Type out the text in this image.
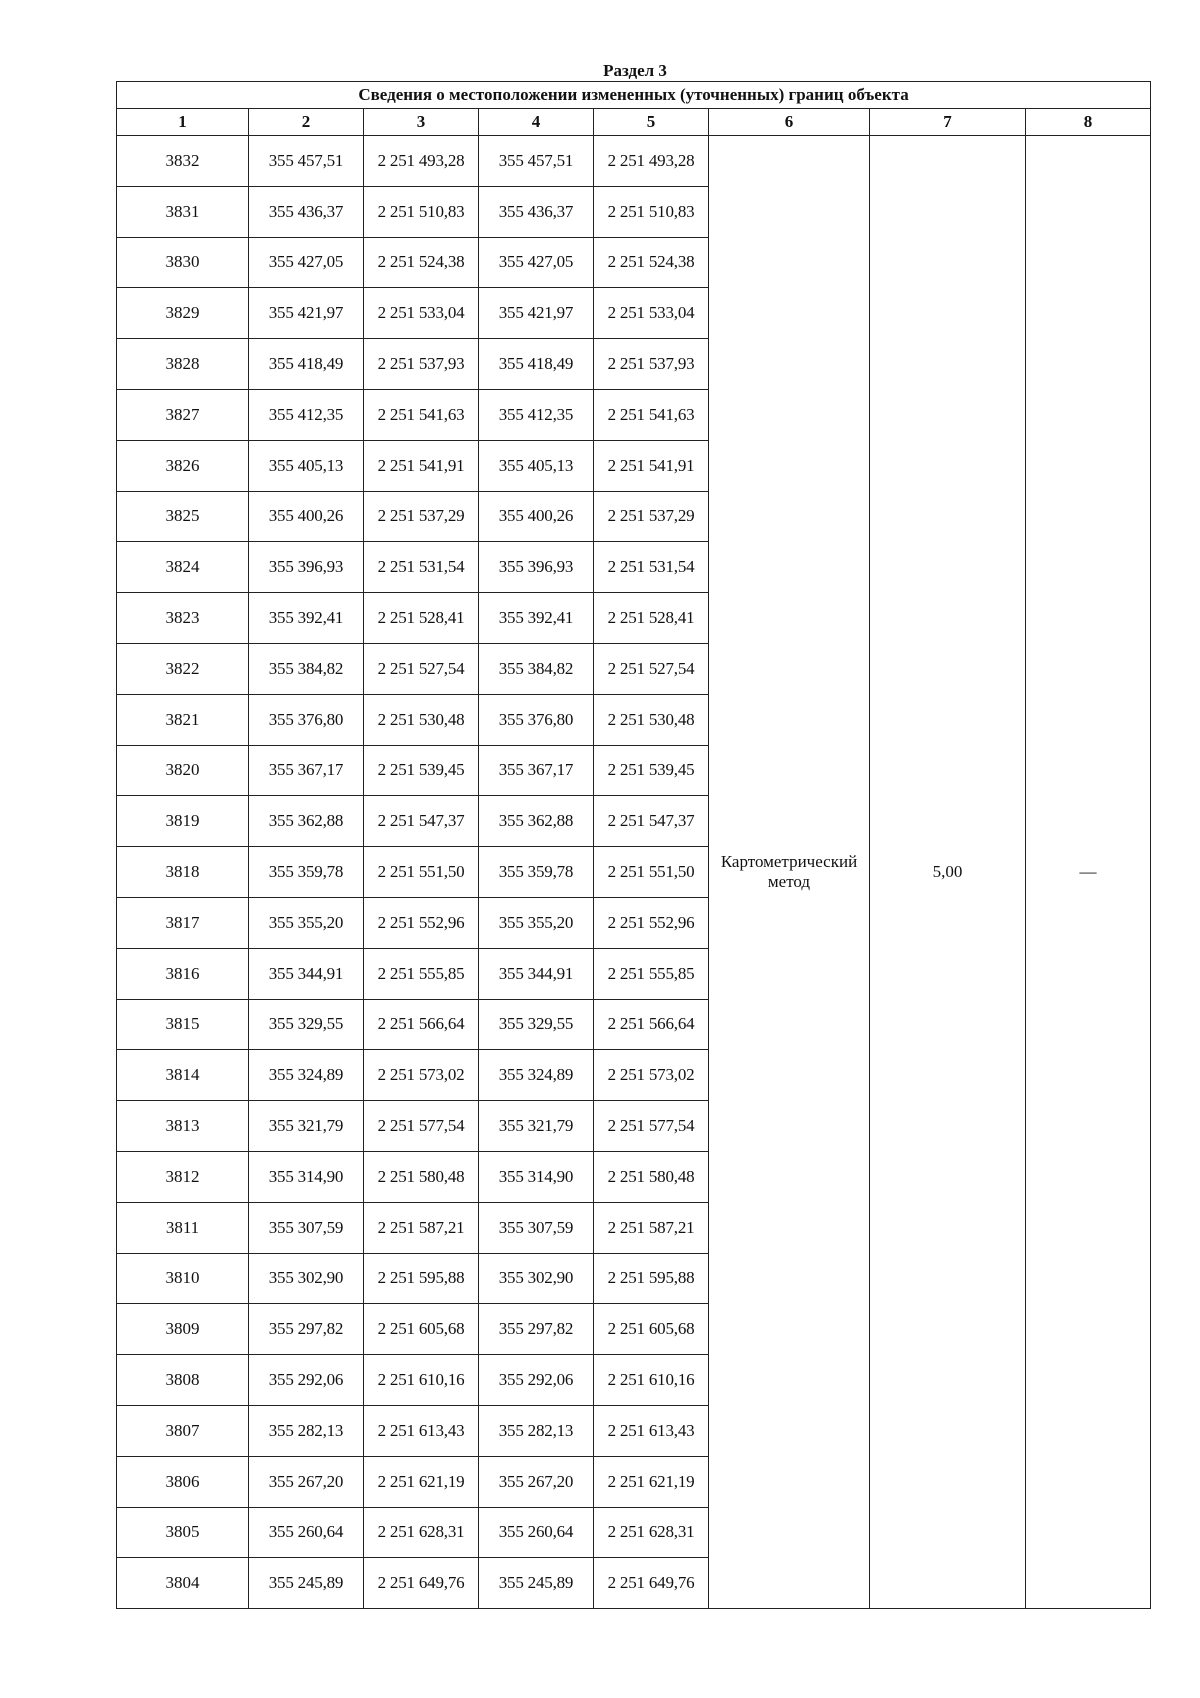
Раздел 3
Сведения о местоположении измененных (уточненных) границ объекта							
1	2	3	4	5	6	7	8
3832	355 457,51	2 251 493,28	355 457,51	2 251 493,28	Картометрический метод	5,00	—
3831	355 436,37	2 251 510,83	355 436,37	2 251 510,83			
3830	355 427,05	2 251 524,38	355 427,05	2 251 524,38			
3829	355 421,97	2 251 533,04	355 421,97	2 251 533,04			
3828	355 418,49	2 251 537,93	355 418,49	2 251 537,93			
3827	355 412,35	2 251 541,63	355 412,35	2 251 541,63			
3826	355 405,13	2 251 541,91	355 405,13	2 251 541,91			
3825	355 400,26	2 251 537,29	355 400,26	2 251 537,29			
3824	355 396,93	2 251 531,54	355 396,93	2 251 531,54			
3823	355 392,41	2 251 528,41	355 392,41	2 251 528,41			
3822	355 384,82	2 251 527,54	355 384,82	2 251 527,54			
3821	355 376,80	2 251 530,48	355 376,80	2 251 530,48			
3820	355 367,17	2 251 539,45	355 367,17	2 251 539,45			
3819	355 362,88	2 251 547,37	355 362,88	2 251 547,37			
3818	355 359,78	2 251 551,50	355 359,78	2 251 551,50			
3817	355 355,20	2 251 552,96	355 355,20	2 251 552,96			
3816	355 344,91	2 251 555,85	355 344,91	2 251 555,85			
3815	355 329,55	2 251 566,64	355 329,55	2 251 566,64			
3814	355 324,89	2 251 573,02	355 324,89	2 251 573,02			
3813	355 321,79	2 251 577,54	355 321,79	2 251 577,54			
3812	355 314,90	2 251 580,48	355 314,90	2 251 580,48			
3811	355 307,59	2 251 587,21	355 307,59	2 251 587,21			
3810	355 302,90	2 251 595,88	355 302,90	2 251 595,88			
3809	355 297,82	2 251 605,68	355 297,82	2 251 605,68			
3808	355 292,06	2 251 610,16	355 292,06	2 251 610,16			
3807	355 282,13	2 251 613,43	355 282,13	2 251 613,43			
3806	355 267,20	2 251 621,19	355 267,20	2 251 621,19			
3805	355 260,64	2 251 628,31	355 260,64	2 251 628,31			
3804	355 245,89	2 251 649,76	355 245,89	2 251 649,76			
